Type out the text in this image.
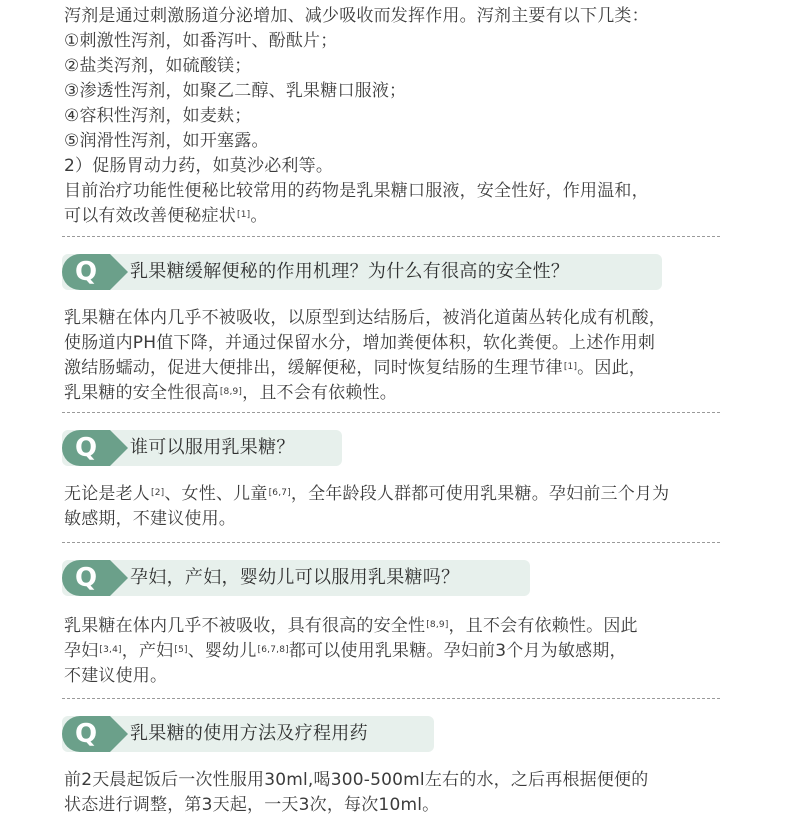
泻剂是通过刺激肠道分泌增加、减少吸收而发挥作用。泻剂主要有以下几类：
①刺激性泻剂，如番泻叶、酚酞片；
②盐类泻剂，如硫酸镁；
③渗透性泻剂，如聚乙二醇、乳果糖口服液；
④容积性泻剂，如麦麸；
⑤润滑性泻剂，如开塞露。
2）促肠胃动力药，如莫沙必利等。
目前治疗功能性便秘比较常用的药物是乳果糖口服液，安全性好，作用温和，
可以有效改善便秘症状[1]。
Q	乳果糖缓解便秘的作用机理？为什么有很高的安全性？
乳果糖在体内几乎不被吸收，以原型到达结肠后，被消化道菌丛转化成有机酸，
使肠道内PH值下降，并通过保留水分，增加粪便体积，软化粪便。上述作用刺
激结肠蠕动，促进大便排出，缓解便秘，同时恢复结肠的生理节律[1]。因此，
乳果糖的安全性很高[8,9]，且不会有依赖性。
Q	谁可以服用乳果糖？
无论是老人[2]、女性、儿童[6,7]，全年龄段人群都可使用乳果糖。孕妇前三个月为
敏感期，不建议使用。
Q	孕妇，产妇，婴幼儿可以服用乳果糖吗？
乳果糖在体内几乎不被吸收，具有很高的安全性[8,9]，且不会有依赖性。因此
孕妇[3,4]，产妇[5]、婴幼儿[6,7,8]都可以使用乳果糖。孕妇前3个月为敏感期，
不建议使用。
Q	乳果糖的使用方法及疗程用药
前2天晨起饭后一次性服用30ml,喝300-500ml左右的水，之后再根据便便的
状态进行调整，第3天起，一天3次，每次10ml。
